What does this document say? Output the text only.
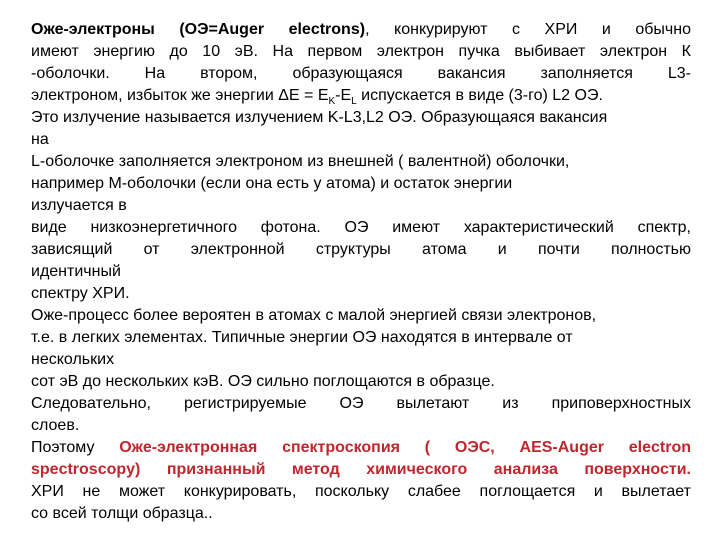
Оже-электроны (ОЭ=Auger electrons), конкурируют с ХРИ и обычно
имеют энергию до 10 эВ. На первом электрон пучка выбивает электрон К
-оболочки. На втором, образующаяся вакансия заполняется L3-
электроном, избыток же энергии $\Delta E = E_K-E_L$ испускается в виде (3-го) L2 ОЭ.
Это излучение называется излучением K-L3,L2 ОЭ. Образующаяся вакансия
на
L-оболочке заполняется электроном из внешней ( валентной) оболочки,
например М-оболочки (если она есть у атома) и остаток энергии
излучается в
виде низкоэнергетичного фотона. ОЭ имеют характеристический спектр,
зависящий от электронной структуры атома и почти полностью
идентичный
спектру ХРИ.
Оже-процесс более вероятен в атомах с малой энергией связи электронов,
т.е. в легких элементах. Типичные энергии ОЭ находятся в интервале от
нескольких
сот эВ до нескольких кэВ. ОЭ сильно поглощаются в образце.
Следовательно, регистрируемые ОЭ вылетают из приповерхностных
слоев.
Поэтому Оже-электронная спектроскопия ( ОЭС, AES-Auger electron
spectroscopy) признанный метод химического анализа поверхности.
ХРИ не может конкурировать, поскольку слабее поглощается и вылетает
со всей толщи образца..
